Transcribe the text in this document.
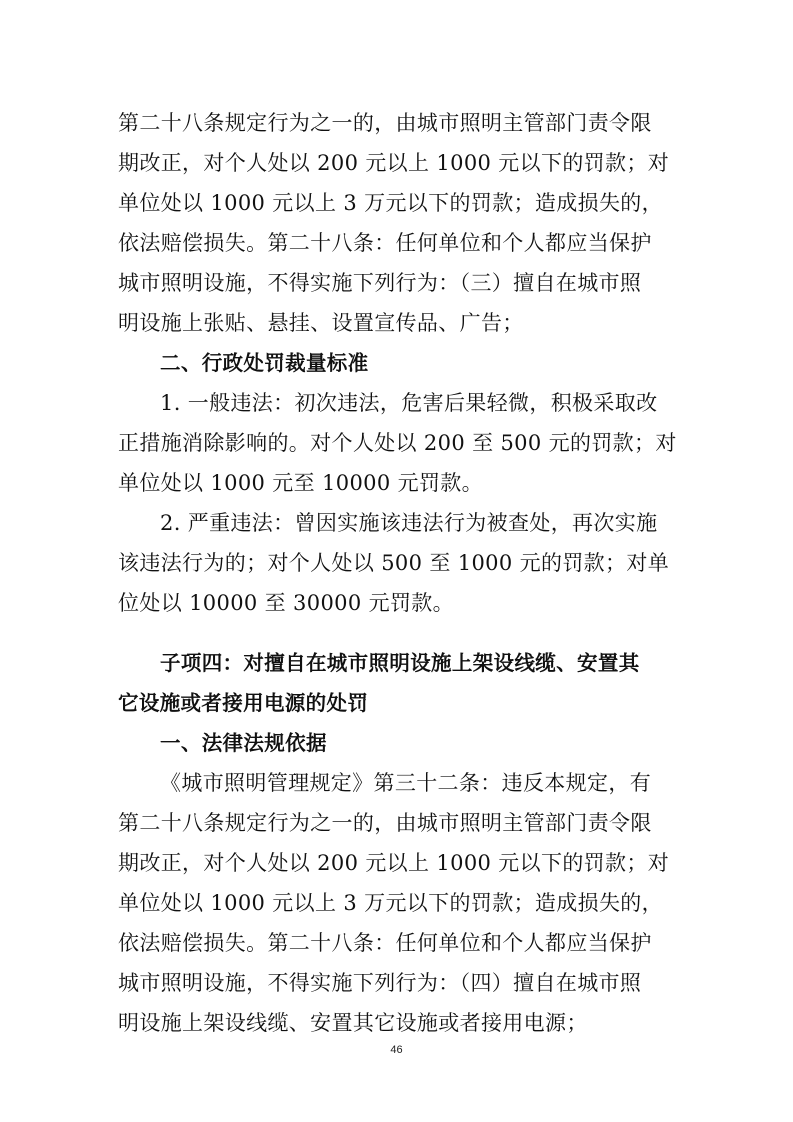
第二十八条规定行为之一的，由城市照明主管部门责令限
期改正，对个人处以 200 元以上 1000 元以下的罚款；对
单位处以 1000 元以上 3 万元以下的罚款；造成损失的，
依法赔偿损失。第二十八条：任何单位和个人都应当保护
城市照明设施，不得实施下列行为：（三）擅自在城市照
明设施上张贴、悬挂、设置宣传品、广告；
二、行政处罚裁量标准
1. 一般违法：初次违法，危害后果轻微，积极采取改
正措施消除影响的。对个人处以 200 至 500 元的罚款；对
单位处以 1000 元至 10000 元罚款。
2. 严重违法：曾因实施该违法行为被查处，再次实施
该违法行为的；对个人处以 500 至 1000 元的罚款；对单
位处以 10000 至 30000 元罚款。
子项四：对擅自在城市照明设施上架设线缆、安置其
它设施或者接用电源的处罚
一、法律法规依据
《城市照明管理规定》第三十二条：违反本规定，有
第二十八条规定行为之一的，由城市照明主管部门责令限
期改正，对个人处以 200 元以上 1000 元以下的罚款；对
单位处以 1000 元以上 3 万元以下的罚款；造成损失的，
依法赔偿损失。第二十八条：任何单位和个人都应当保护
城市照明设施，不得实施下列行为：（四）擅自在城市照
明设施上架设线缆、安置其它设施或者接用电源；
46
